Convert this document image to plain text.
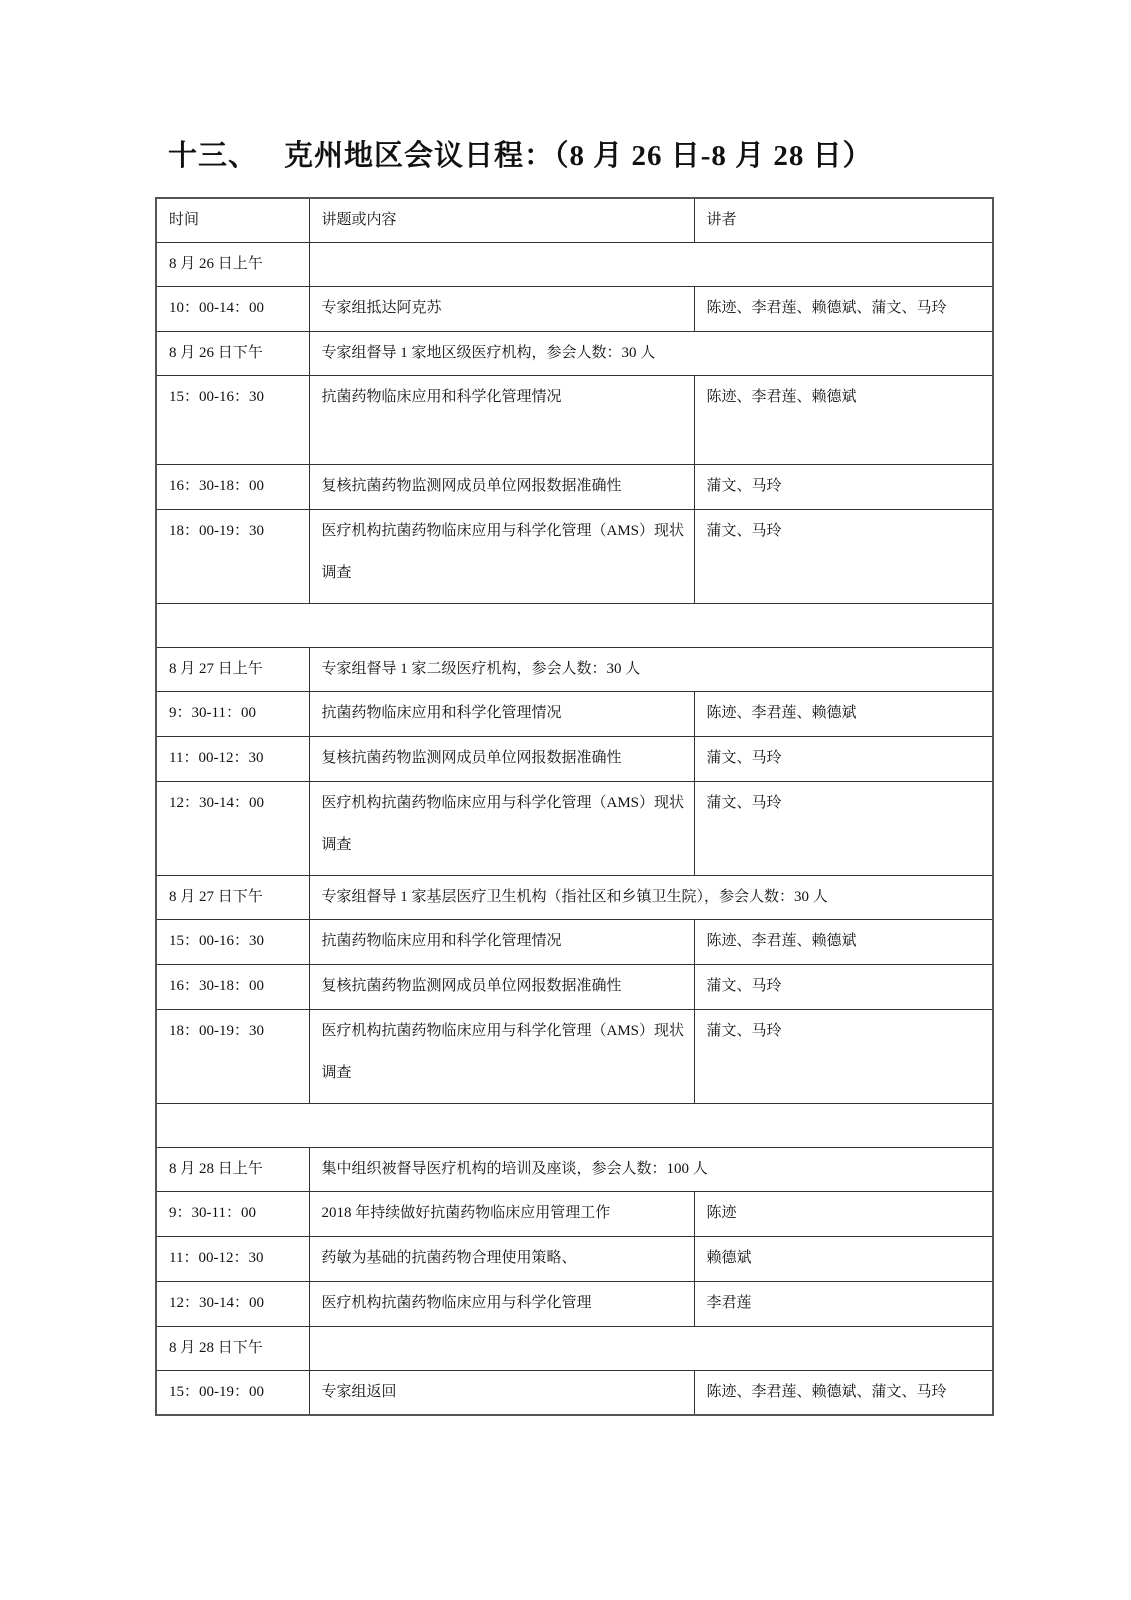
十三、 克州地区会议日程：（8 月 26 日-8 月 28 日）
时间	讲题或内容	讲者
8 月 26 日上午		
10：00-14：00	专家组抵达阿克苏	陈迹、李君莲、赖德斌、蒲文、马玲
8 月 26 日下午	专家组督导 1 家地区级医疗机构，参会人数：30 人	
15：00-16：30	抗菌药物临床应用和科学化管理情况	陈迹、李君莲、赖德斌
16：30-18：00	复核抗菌药物监测网成员单位网报数据准确性	蒲文、马玲
18：00-19：30	医疗机构抗菌药物临床应用与科学化管理（AMS）现状调查	蒲文、马玲

8 月 27 日上午	专家组督导 1 家二级医疗机构，参会人数：30 人	
9：30-11：00	抗菌药物临床应用和科学化管理情况	陈迹、李君莲、赖德斌
11：00-12：30	复核抗菌药物监测网成员单位网报数据准确性	蒲文、马玲
12：30-14：00	医疗机构抗菌药物临床应用与科学化管理（AMS）现状调查	蒲文、马玲
8 月 27 日下午	专家组督导 1 家基层医疗卫生机构（指社区和乡镇卫生院），参会人数：30 人	
15：00-16：30	抗菌药物临床应用和科学化管理情况	陈迹、李君莲、赖德斌
16：30-18：00	复核抗菌药物监测网成员单位网报数据准确性	蒲文、马玲
18：00-19：30	医疗机构抗菌药物临床应用与科学化管理（AMS）现状调查	蒲文、马玲

8 月 28 日上午	集中组织被督导医疗机构的培训及座谈，参会人数：100 人	
9：30-11：00	2018 年持续做好抗菌药物临床应用管理工作	陈迹
11：00-12：30	药敏为基础的抗菌药物合理使用策略、	赖德斌
12：30-14：00	医疗机构抗菌药物临床应用与科学化管理	李君莲
8 月 28 日下午		
15：00-19：00	专家组返回	陈迹、李君莲、赖德斌、蒲文、马玲
